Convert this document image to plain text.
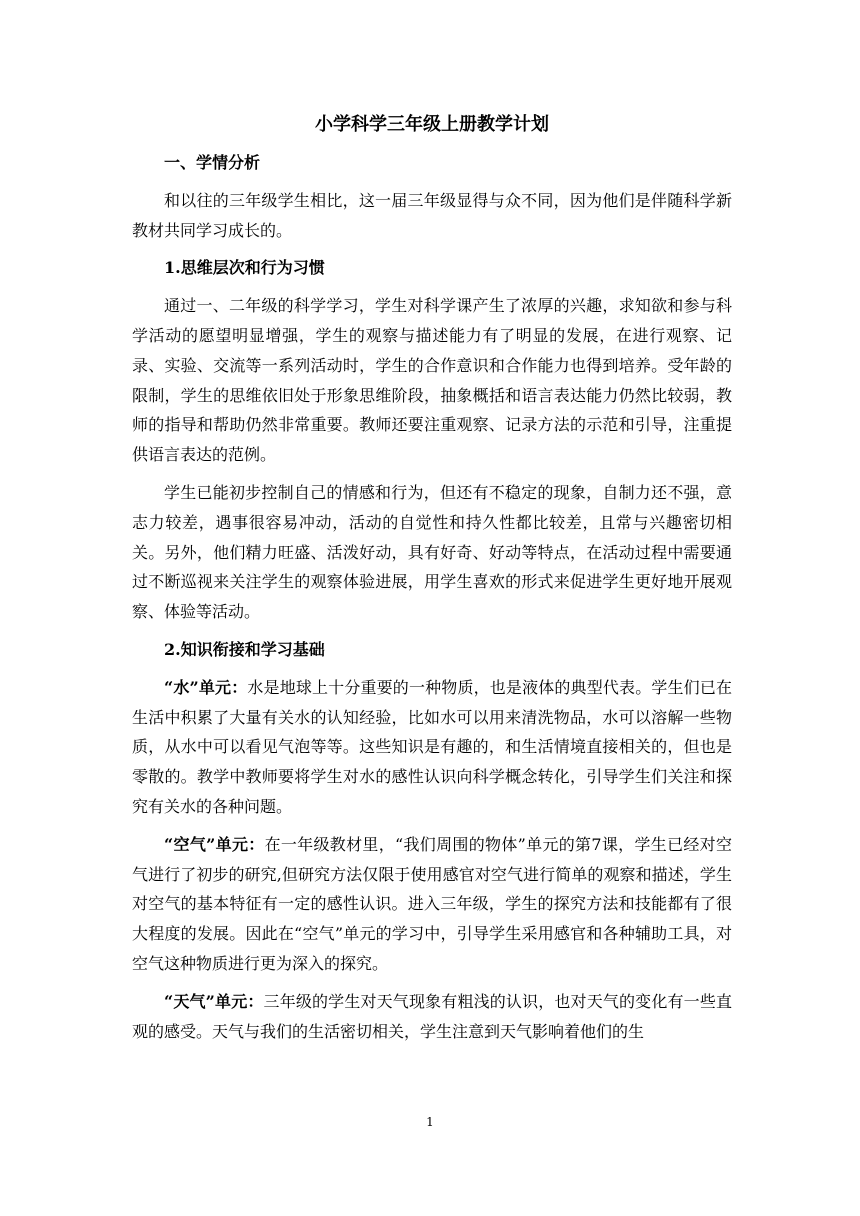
小学科学三年级上册教学计划
一、学情分析
和以往的三年级学生相比，这一届三年级显得与众不同，因为他们是伴随科学新教材共同学习成长的。
1.思维层次和行为习惯
通过一、二年级的科学学习，学生对科学课产生了浓厚的兴趣，求知欲和参与科学活动的愿望明显增强，学生的观察与描述能力有了明显的发展，在进行观察、记录、实验、交流等一系列活动时，学生的合作意识和合作能力也得到培养。受年龄的限制，学生的思维依旧处于形象思维阶段，抽象概括和语言表达能力仍然比较弱，教师的指导和帮助仍然非常重要。教师还要注重观察、记录方法的示范和引导，注重提供语言表达的范例。
学生已能初步控制自己的情感和行为，但还有不稳定的现象，自制力还不强，意志力较差，遇事很容易冲动，活动的自觉性和持久性都比较差，且常与兴趣密切相关。另外，他们精力旺盛、活泼好动，具有好奇、好动等特点，在活动过程中需要通过不断巡视来关注学生的观察体验进展，用学生喜欢的形式来促进学生更好地开展观察、体验等活动。
2.知识衔接和学习基础
“水”单元：水是地球上十分重要的一种物质，也是液体的典型代表。学生们已在生活中积累了大量有关水的认知经验，比如水可以用来清洗物品，水可以溶解一些物质，从水中可以看见气泡等等。这些知识是有趣的，和生活情境直接相关的，但也是零散的。教学中教师要将学生对水的感性认识向科学概念转化，引导学生们关注和探究有关水的各种问题。
“空气”单元：在一年级教材里，“我们周围的物体”单元的第7课，学生已经对空气进行了初步的研究,但研究方法仅限于使用感官对空气进行简单的观察和描述，学生对空气的基本特征有一定的感性认识。进入三年级，学生的探究方法和技能都有了很大程度的发展。因此在“空气”单元的学习中，引导学生采用感官和各种辅助工具，对空气这种物质进行更为深入的探究。
“天气”单元：三年级的学生对天气现象有粗浅的认识，也对天气的变化有一些直观的感受。天气与我们的生活密切相关，学生注意到天气影响着他们的生
1
